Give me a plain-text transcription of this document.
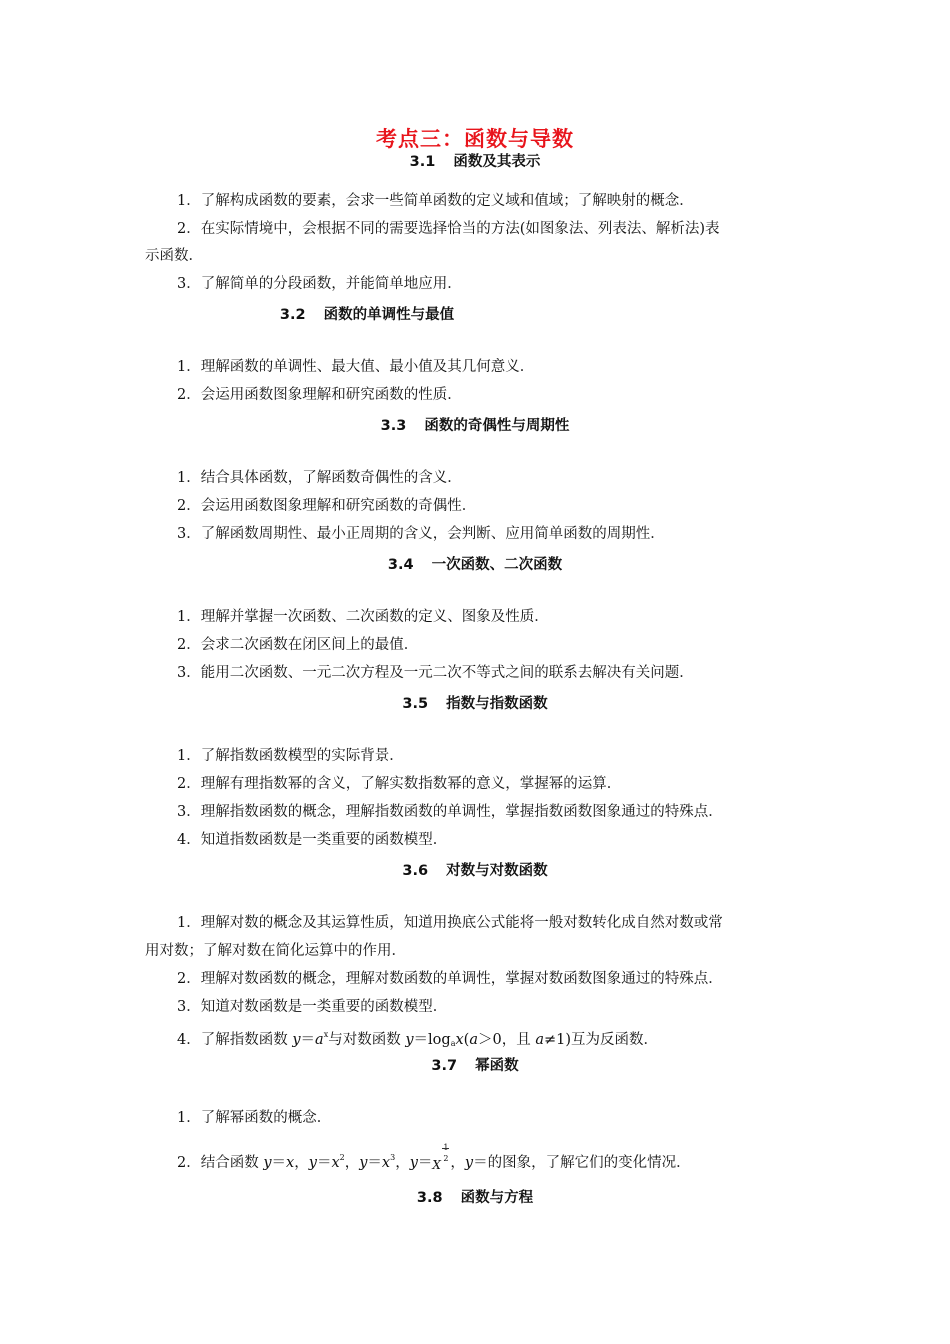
考点三：函数与导数
3.1 函数及其表示
1．了解构成函数的要素，会求一些简单函数的定义域和值域；了解映射的概念．
2．在实际情境中，会根据不同的需要选择恰当的方法(如图象法、列表法、解析法)表
示函数．
3．了解简单的分段函数，并能简单地应用．
3.2 函数的单调性与最值
1．理解函数的单调性、最大值、最小值及其几何意义．
2．会运用函数图象理解和研究函数的性质．
3.3 函数的奇偶性与周期性
1．结合具体函数，了解函数奇偶性的含义．
2．会运用函数图象理解和研究函数的奇偶性．
3．了解函数周期性、最小正周期的含义，会判断、应用简单函数的周期性．
3.4 一次函数、二次函数
1．理解并掌握一次函数、二次函数的定义、图象及性质．
2．会求二次函数在闭区间上的最值．
3．能用二次函数、一元二次方程及一元二次不等式之间的联系去解决有关问题．
3.5 指数与指数函数
1．了解指数函数模型的实际背景．
2．理解有理指数幂的含义，了解实数指数幂的意义，掌握幂的运算．
3．理解指数函数的概念，理解指数函数的单调性，掌握指数函数图象通过的特殊点．
4．知道指数函数是一类重要的函数模型．
3.6 对数与对数函数
1．理解对数的概念及其运算性质，知道用换底公式能将一般对数转化成自然对数或常
用对数；了解对数在简化运算中的作用．
2．理解对数函数的概念，理解对数函数的单调性，掌握对数函数图象通过的特殊点．
3．知道对数函数是一类重要的函数模型．
4．了解指数函数 $y=a^x$与对数函数 $y=\log_ax(a>0$，且 a≠1)互为反函数．
3.7 幂函数
1．了解幂函数的概念．
2．结合函数 y＝x，$y=x^2$，$y=x^3$，y＝ X
1
2 ，y＝的图象，了解它们的变化情况．
3.8 函数与方程
